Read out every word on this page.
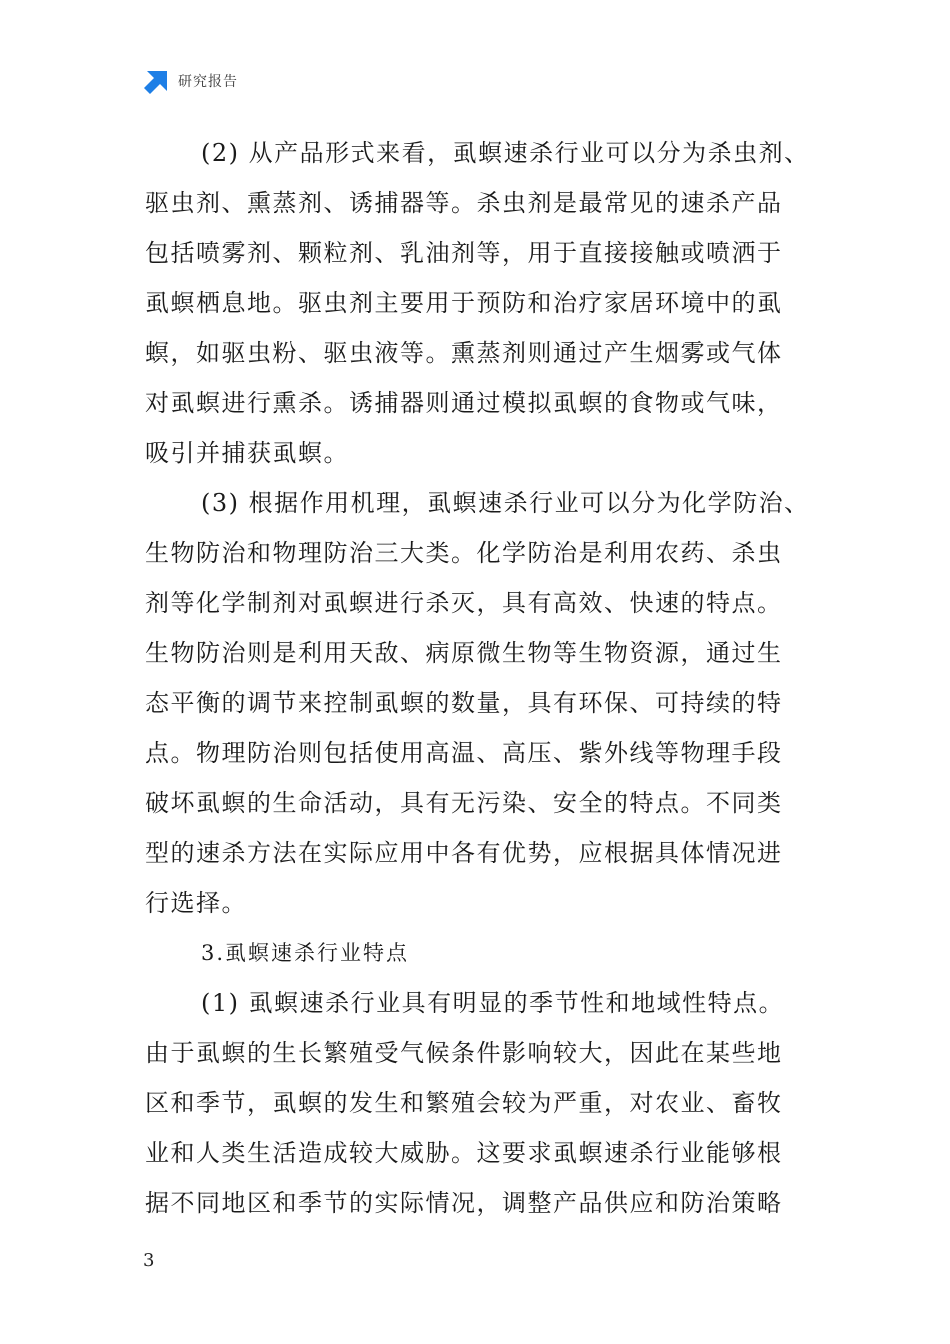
研究报告
(2) 从产品形式来看，虱螟速杀行业可以分为杀虫剂、
驱虫剂、熏蒸剂、诱捕器等。杀虫剂是最常见的速杀产品
包括喷雾剂、颗粒剂、乳油剂等，用于直接接触或喷洒于
虱螟栖息地。驱虫剂主要用于预防和治疗家居环境中的虱
螟，如驱虫粉、驱虫液等。熏蒸剂则通过产生烟雾或气体
对虱螟进行熏杀。诱捕器则通过模拟虱螟的食物或气味，
吸引并捕获虱螟。
(3) 根据作用机理，虱螟速杀行业可以分为化学防治、
生物防治和物理防治三大类。化学防治是利用农药、杀虫
剂等化学制剂对虱螟进行杀灭，具有高效、快速的特点。
生物防治则是利用天敌、病原微生物等生物资源，通过生
态平衡的调节来控制虱螟的数量，具有环保、可持续的特
点。物理防治则包括使用高温、高压、紫外线等物理手段
破坏虱螟的生命活动，具有无污染、安全的特点。不同类
型的速杀方法在实际应用中各有优势，应根据具体情况进
行选择。
3.虱螟速杀行业特点
(1) 虱螟速杀行业具有明显的季节性和地域性特点。
由于虱螟的生长繁殖受气候条件影响较大，因此在某些地
区和季节，虱螟的发生和繁殖会较为严重，对农业、畜牧
业和人类生活造成较大威胁。这要求虱螟速杀行业能够根
据不同地区和季节的实际情况，调整产品供应和防治策略
3
